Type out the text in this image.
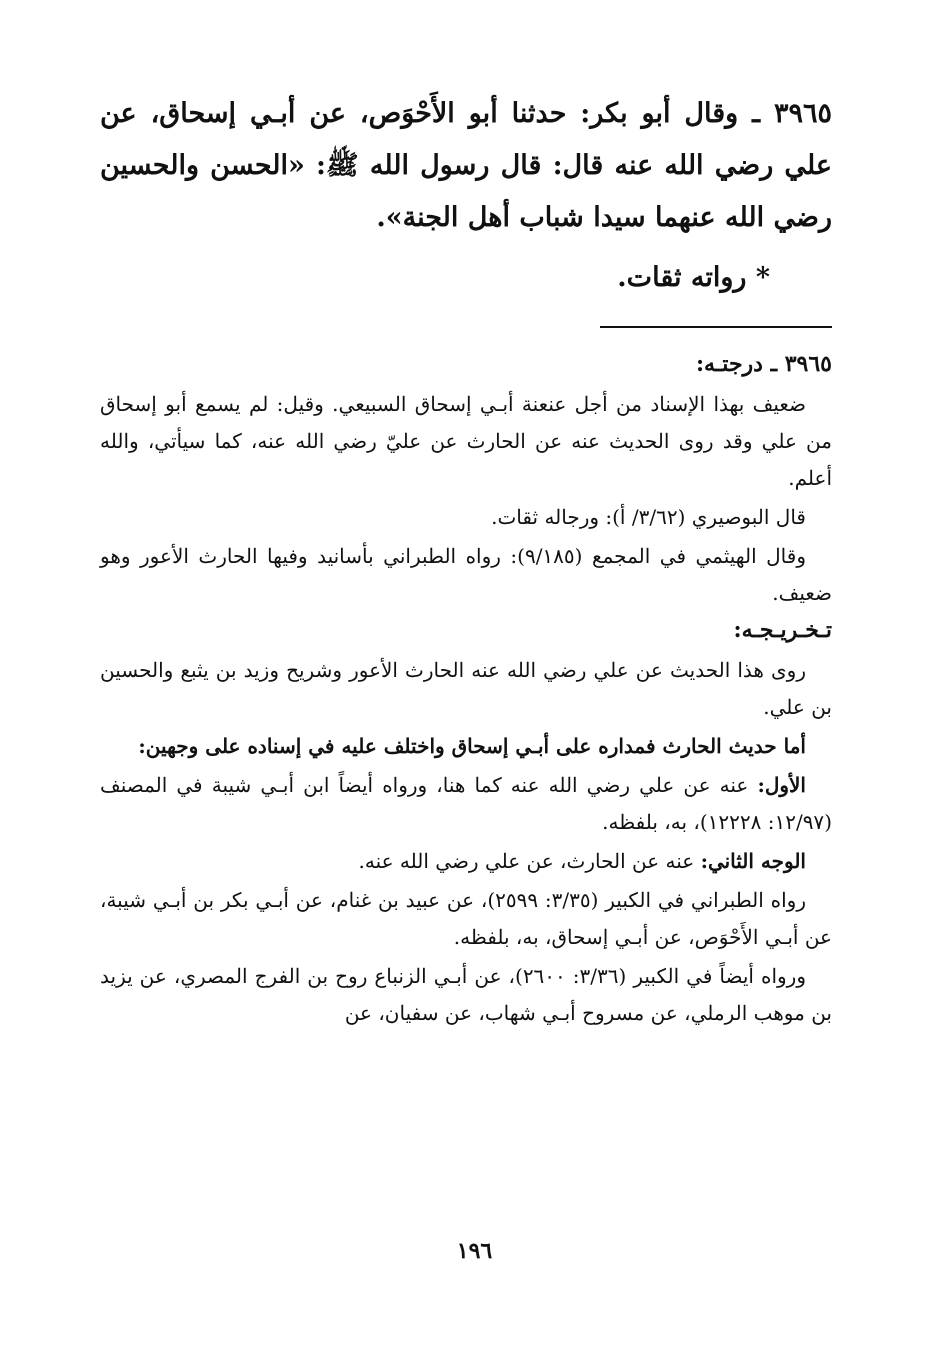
٣٩٦٥ ـ وقال أبو بكر: حدثنا أبو الأَحْوَص، عن أبـي إسحاق، عن علي رضي الله عنه قال: قال رسول الله ﷺ: «الحسن والحسين رضي الله عنهما سيدا شباب أهل الجنة».

* رواته ثقات.

٣٩٦٥ ـ درجتـه:

ضعيف بهذا الإسناد من أجل عنعنة أبـي إسحاق السبيعي. وقيل: لم يسمع أبو إسحاق من علي وقد روى الحديث عنه عن الحارث عن عليّ رضي الله عنه، كما سيأتي، والله أعلم.

قال البوصيري (٣/٦٢/ أ): ورجاله ثقات.

وقال الهيثمي في المجمع (٩/١٨٥): رواه الطبراني بأسانيد وفيها الحارث الأعور وهو ضعيف.

تـخـريـجـه:

روى هذا الحديث عن علي رضي الله عنه الحارث الأعور وشريح وزيد بن يثبع والحسين بن علي.

أما حديث الحارث فمداره على أبـي إسحاق واختلف عليه في إسناده على وجهين:

الأول: عنه عن علي رضي الله عنه كما هنا، ورواه أيضاً ابن أبـي شيبة في المصنف (١٢/٩٧: ١٢٢٢٨)، به، بلفظه.

الوجه الثاني: عنه عن الحارث، عن علي رضي الله عنه.

رواه الطبراني في الكبير (٣/٣٥: ٢٥٩٩)، عن عبيد بن غنام، عن أبـي بكر بن أبـي شيبة، عن أبـي الأَحْوَص، عن أبـي إسحاق، به، بلفظه.

ورواه أيضاً في الكبير (٣/٣٦: ٢٦٠٠)، عن أبـي الزنباع روح بن الفرج المصري، عن يزيد بن موهب الرملي، عن مسروح أبـي شهاب، عن سفيان، عن

١٩٦
